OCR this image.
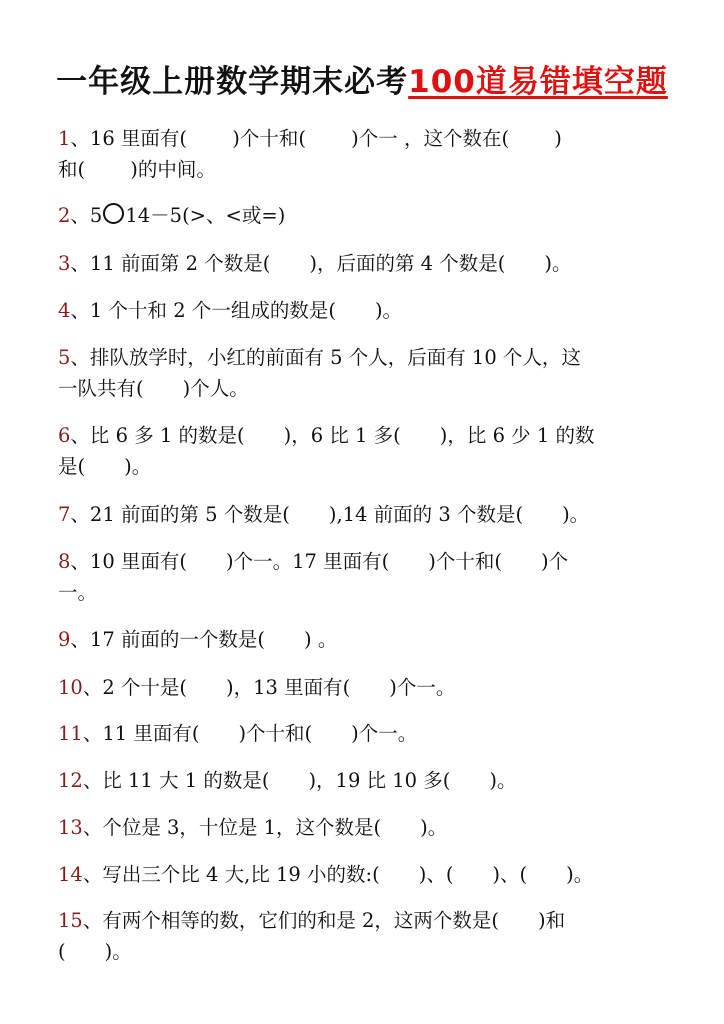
一年级上册数学期末必考100道易错填空题
1、16 里面有(　　 )个十和(　　 )个一 ，这个数在(　　 )
和(　　 )的中间。
2、5 14－5(>、<或=)
3、11 前面第 2 个数是(　　)，后面的第 4 个数是(　　)。
4、1 个十和 2 个一组成的数是(　　)。
5、排队放学时，小红的前面有 5 个人，后面有 10 个人，这
一队共有(　　)个人。
6、比 6 多 1 的数是(　　)，6 比 1 多(　　)，比 6 少 1 的数
是(　　)。
7、21 前面的第 5 个数是(　　),14 前面的 3 个数是(　　)。
8、10 里面有(　　)个一。17 里面有(　　)个十和(　　)个
一。
9、17 前面的一个数是(　　) 。
10、2 个十是(　　)，13 里面有(　　)个一。
11、11 里面有(　　)个十和(　　)个一。
12、比 11 大 1 的数是(　　)，19 比 10 多(　　)。
13、个位是 3，十位是 1，这个数是(　　)。
14、写出三个比 4 大,比 19 小的数:(　　)、(　　)、(　　)。
15、有两个相等的数，它们的和是 2，这两个数是(　　)和
(　　)。
